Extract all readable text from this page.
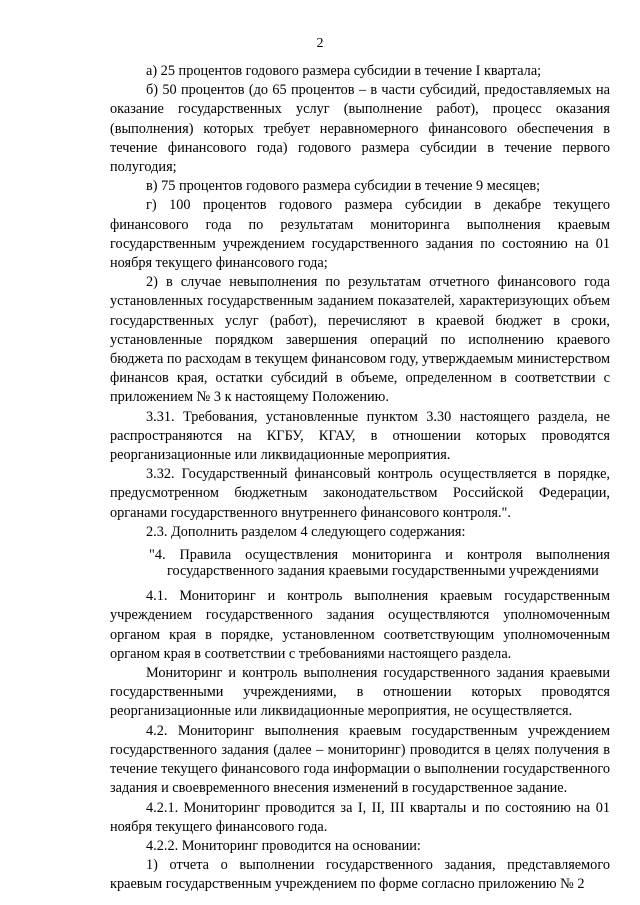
2

а) 25 процентов годового размера субсидии в течение I квартала;

б) 50 процентов (до 65 процентов – в части субсидий, предоставляемых на оказание государственных услуг (выполнение работ), процесс оказания (выполнения) которых требует неравномерного финансового обеспечения в течение финансового года) годового размера субсидии в течение первого полугодия;

в) 75 процентов годового размера субсидии в течение 9 месяцев;

г) 100 процентов годового размера субсидии в декабре текущего финансового года по результатам мониторинга выполнения краевым государственным учреждением государственного задания по состоянию на 01 ноября текущего финансового года;

2) в случае невыполнения по результатам отчетного финансового года установленных государственным заданием показателей, характеризующих объем государственных услуг (работ), перечисляют в краевой бюджет в сроки, установленные порядком завершения операций по исполнению краевого бюджета по расходам в текущем финансовом году, утверждаемым министерством финансов края, остатки субсидий в объеме, определенном в соответствии с приложением № 3 к настоящему Положению.

3.31. Требования, установленные пунктом 3.30 настоящего раздела, не распространяются на КГБУ, КГАУ, в отношении которых проводятся реорганизационные или ликвидационные мероприятия.

3.32. Государственный финансовый контроль осуществляется в порядке, предусмотренном бюджетным законодательством Российской Федерации, органами государственного внутреннего финансового контроля.".

2.3. Дополнить разделом 4 следующего содержания:

"4. Правила осуществления мониторинга и контроля выполнения государственного задания краевыми государственными учреждениями

4.1. Мониторинг и контроль выполнения краевым государственным учреждением государственного задания осуществляются уполномоченным органом края в порядке, установленном соответствующим уполномоченным органом края в соответствии с требованиями настоящего раздела.

Мониторинг и контроль выполнения государственного задания краевыми государственными учреждениями, в отношении которых проводятся реорганизационные или ликвидационные мероприятия, не осуществляется.

4.2. Мониторинг выполнения краевым государственным учреждением государственного задания (далее – мониторинг) проводится в целях получения в течение текущего финансового года информации о выполнении государственного задания и своевременного внесения изменений в государственное задание.

4.2.1. Мониторинг проводится за I, II, III кварталы и по состоянию на 01 ноября текущего финансового года.

4.2.2. Мониторинг проводится на основании:

1) отчета о выполнении государственного задания, представляемого краевым государственным учреждением по форме согласно приложению № 2
